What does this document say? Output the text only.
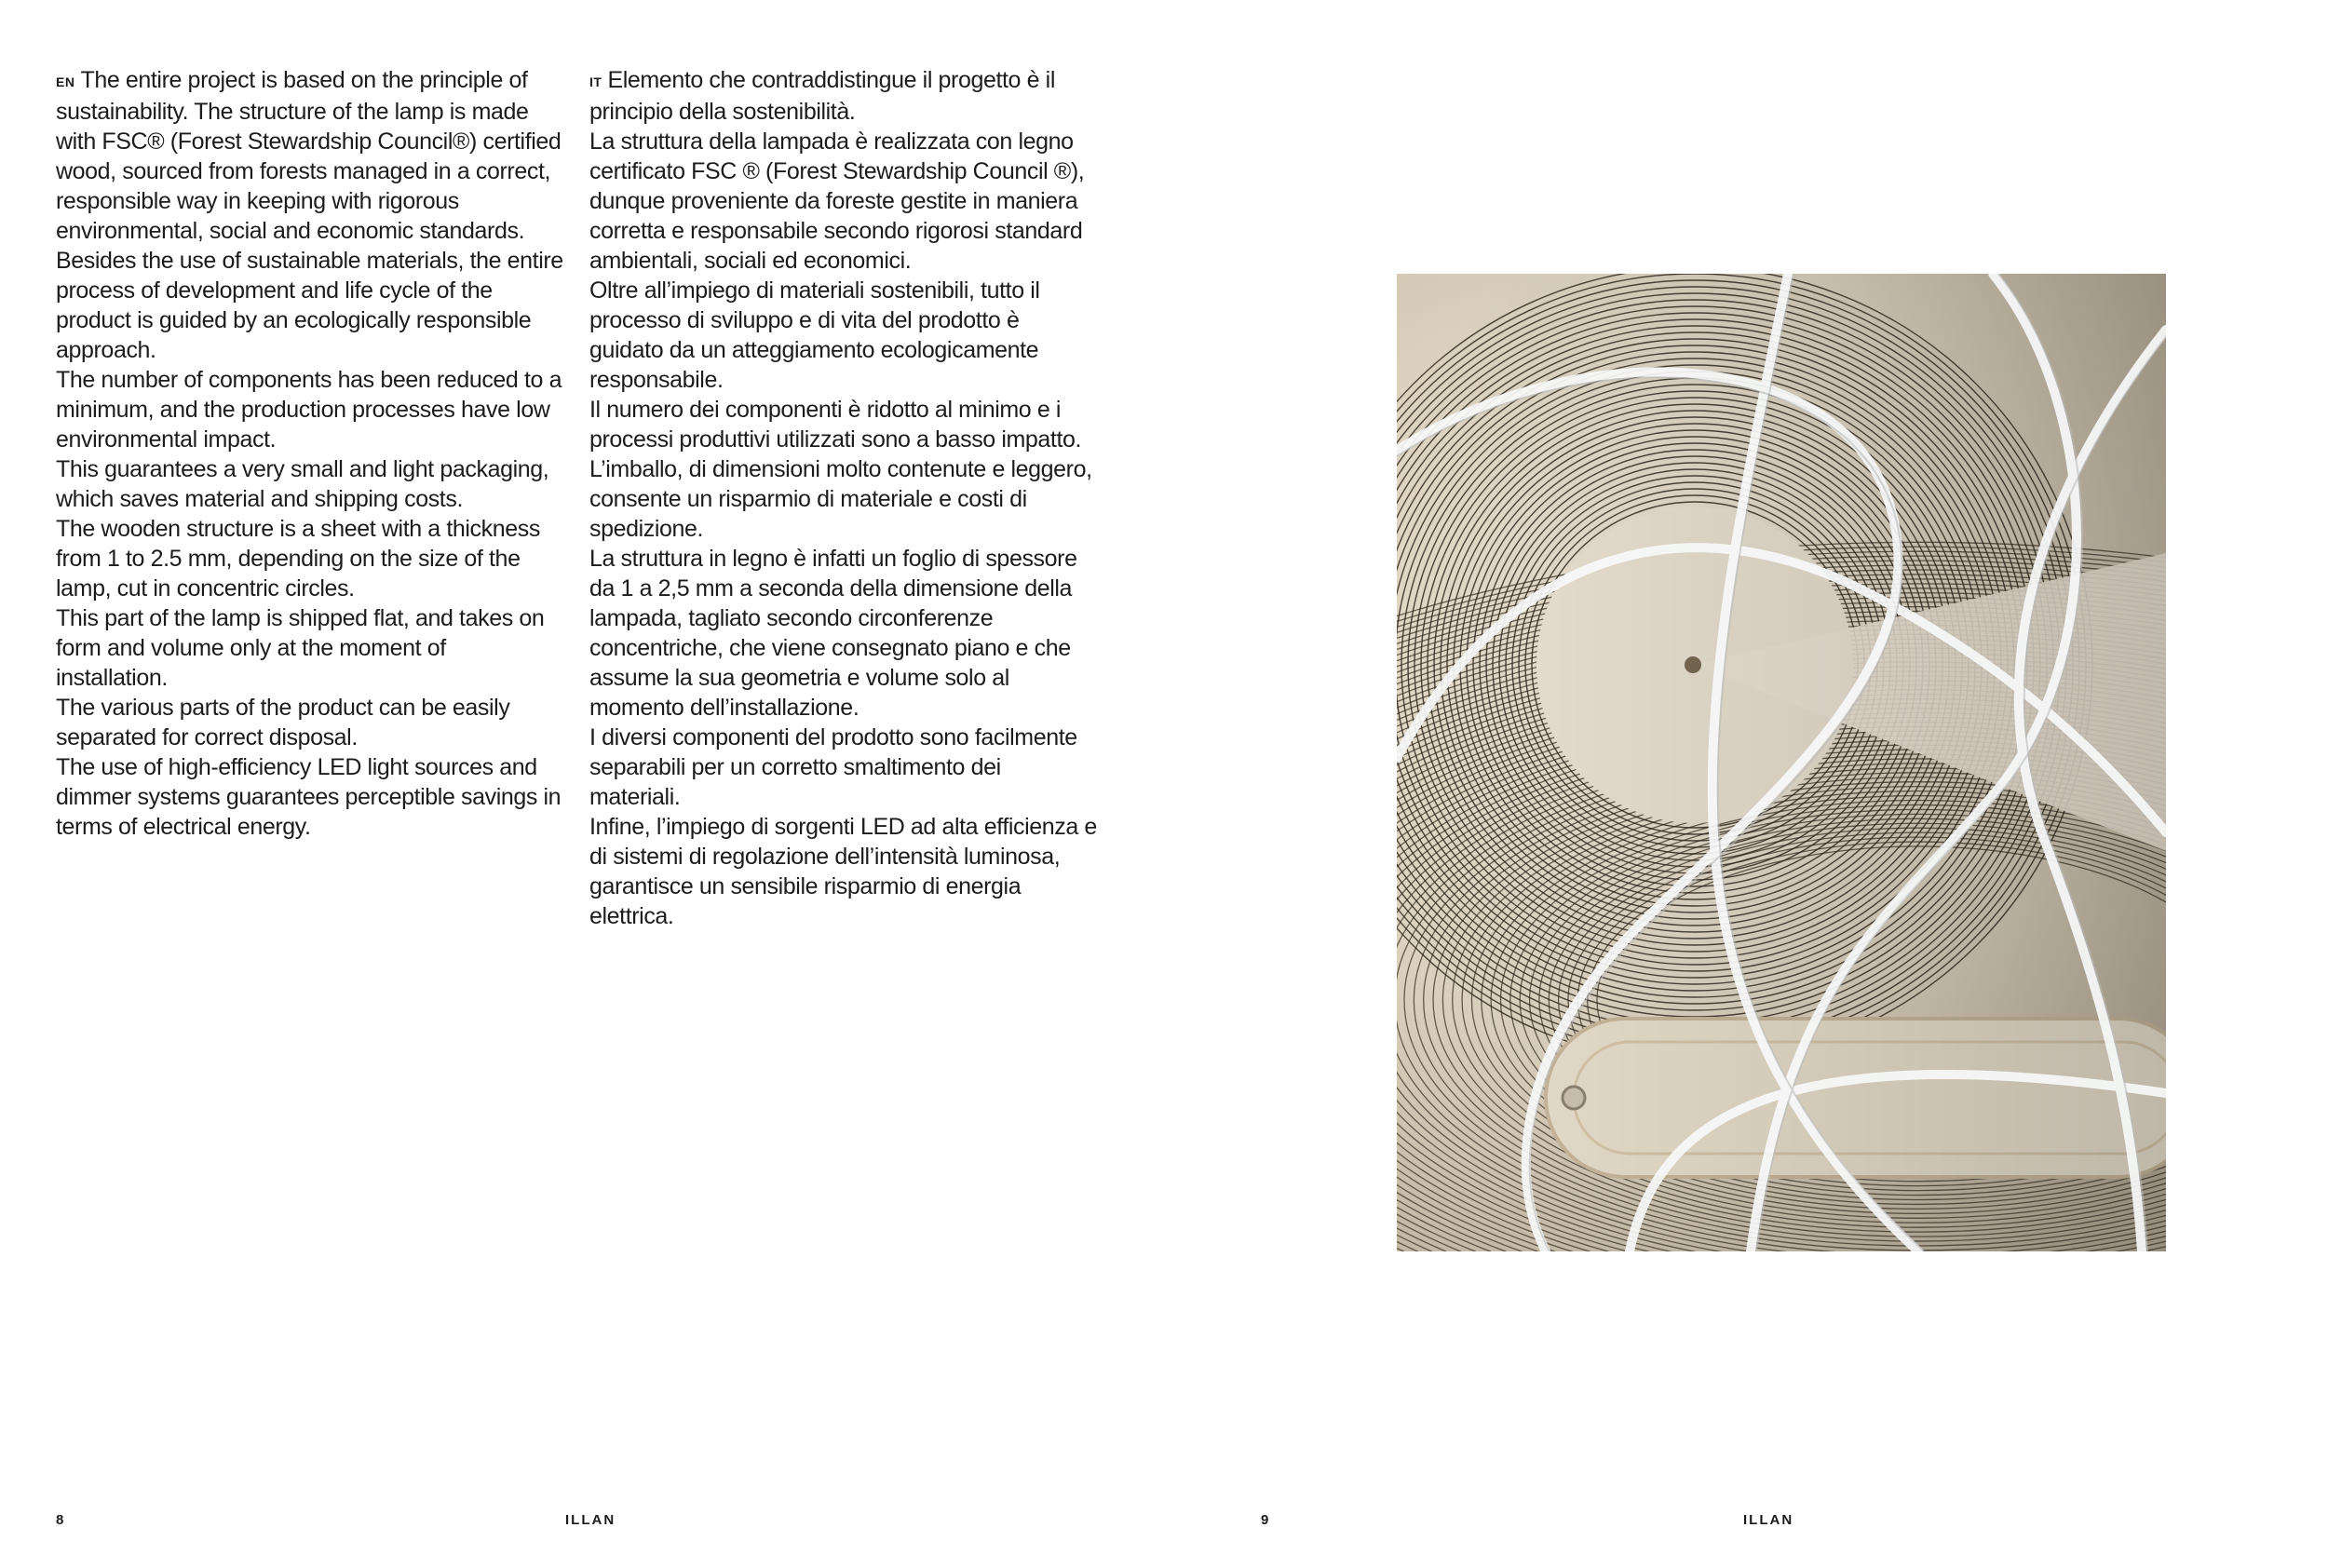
EN The entire project is based on the principle of sustainability. The structure of the lamp is made with FSC® (Forest Stewardship Council®) certified wood, sourced from forests managed in a correct, responsible way in keeping with rigorous environmental, social and economic standards. Besides the use of sustainable materials, the entire process of development and life cycle of the product is guided by an ecologically responsible approach.

The number of components has been reduced to a minimum, and the production processes have low environmental impact.

This guarantees a very small and light packaging, which saves material and shipping costs.

The wooden structure is a sheet with a thickness from 1 to 2.5 mm, depending on the size of the lamp, cut in concentric circles.

This part of the lamp is shipped flat, and takes on form and volume only at the moment of installation.

The various parts of the product can be easily separated for correct disposal.

The use of high-efficiency LED light sources and dimmer systems guarantees perceptible savings in terms of electrical energy.

IT Elemento che contraddistingue il progetto è il principio della sostenibilità.

La struttura della lampada è realizzata con legno certificato FSC ® (Forest Stewardship Council ®), dunque proveniente da foreste gestite in maniera corretta e responsabile secondo rigorosi standard ambientali, sociali ed economici.

Oltre all’impiego di materiali sostenibili, tutto il processo di sviluppo e di vita del prodotto è guidato da un atteggiamento ecologicamente responsabile.

Il numero dei componenti è ridotto al minimo e i processi produttivi utilizzati sono a basso impatto.

L’imballo, di dimensioni molto contenute e leggero, consente un risparmio di materiale e costi di spedizione.

La struttura in legno è infatti un foglio di spessore da 1 a 2,5 mm a seconda della dimensione della lampada, tagliato secondo circonferenze concentriche, che viene consegnato piano e che assume la sua geometria e volume solo al momento dell’installazione.

I diversi componenti del prodotto sono facilmente separabili per un corretto smaltimento dei materiali.

Infine, l’impiego di sorgenti LED ad alta efficienza e di sistemi di regolazione dell’intensità luminosa, garantisce un sensibile risparmio di energia elettrica.

8	ILLAN	9	ILLAN
